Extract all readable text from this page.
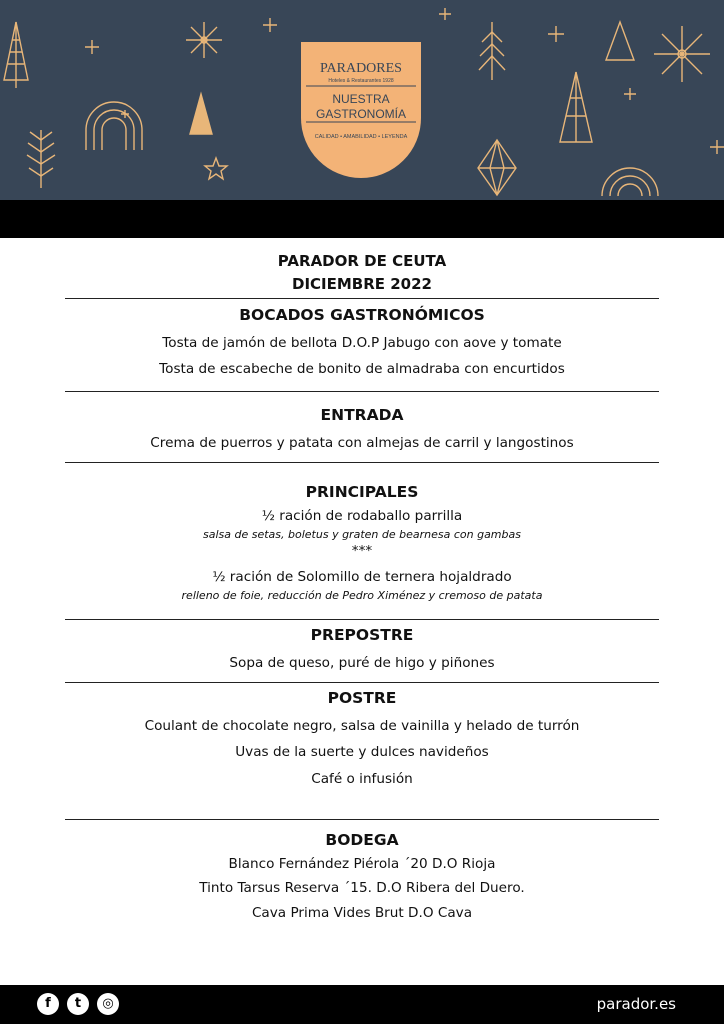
PARADORES
Hoteles & Restaurantes 1928
NUESTRA
GASTRONOMÍA
CALIDAD • AMABILIDAD • LEYENDA
PARADOR DE CEUTA
DICIEMBRE 2022
BOCADOS GASTRONÓMICOS
Tosta de jamón de bellota D.O.P Jabugo con aove y tomate
Tosta de escabeche de bonito de almadraba con encurtidos
ENTRADA
Crema de puerros y patata con almejas de carril y langostinos
PRINCIPALES
½ ración de rodaballo parrilla
salsa de setas, boletus y graten de bearnesa con gambas
***
½ ración de Solomillo de ternera hojaldrado
relleno de foie, reducción de Pedro Ximénez y cremoso de patata
PREPOSTRE
Sopa de queso, puré de higo y piñones
POSTRE
Coulant de chocolate negro, salsa de vainilla y helado de turrón
Uvas de la suerte y dulces navideños
Café o infusión
BODEGA
Blanco Fernández Piérola ´20 D.O Rioja
Tinto Tarsus Reserva ´15. D.O Ribera del Duero.
Cava Prima Vides Brut D.O Cava
f	t	◎	parador.es
